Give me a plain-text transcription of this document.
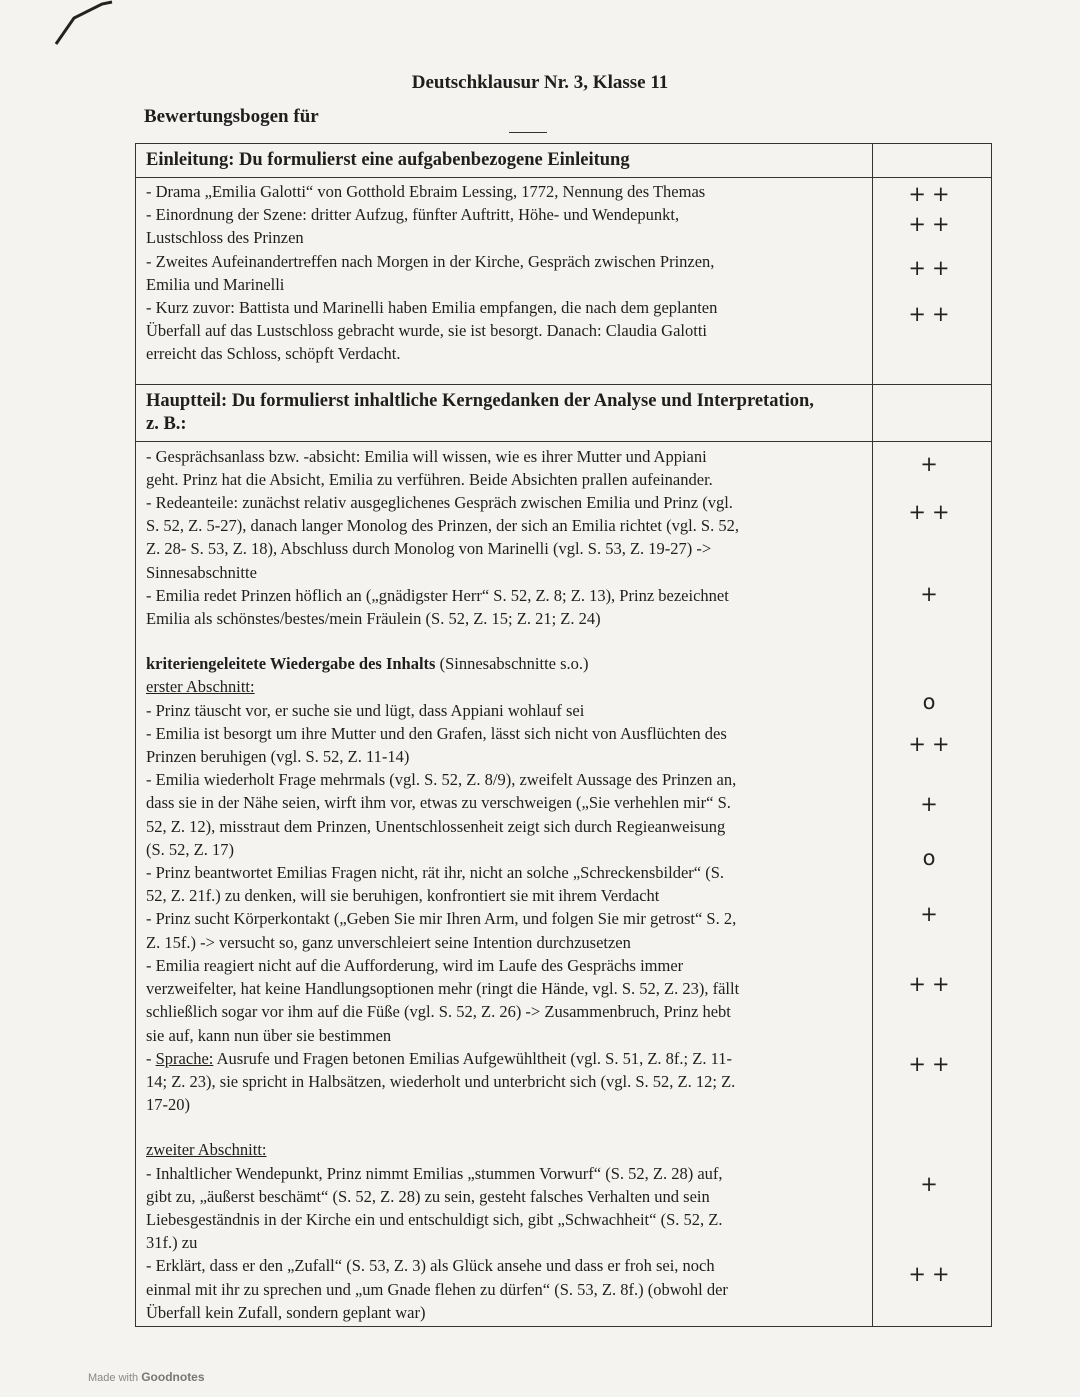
Deutschklausur Nr. 3, Klasse 11
Bewertungsbogen für
Einleitung: Du formulierst eine aufgabenbezogene Einleitung
- Drama „Emilia Galotti“ von Gotthold Ebraim Lessing, 1772, Nennung des Themas
- Einordnung der Szene: dritter Aufzug, fünfter Auftritt, Höhe- und Wendepunkt,
Lustschloss des Prinzen
- Zweites Aufeinandertreffen nach Morgen in der Kirche, Gespräch zwischen Prinzen,
Emilia und Marinelli
- Kurz zuvor: Battista und Marinelli haben Emilia empfangen, die nach dem geplanten
Überfall auf das Lustschloss gebracht wurde, sie ist besorgt. Danach: Claudia Galotti
erreicht das Schloss, schöpft Verdacht.
++
++
++
++
Hauptteil: Du formulierst inhaltliche Kerngedanken der Analyse und Interpretation,
z. B.:
- Gesprächsanlass bzw. -absicht: Emilia will wissen, wie es ihrer Mutter und Appiani
geht. Prinz hat die Absicht, Emilia zu verführen. Beide Absichten prallen aufeinander.
- Redeanteile: zunächst relativ ausgeglichenes Gespräch zwischen Emilia und Prinz (vgl.
S. 52, Z. 5-27), danach langer Monolog des Prinzen, der sich an Emilia richtet (vgl. S. 52,
Z. 28- S. 53, Z. 18), Abschluss durch Monolog von Marinelli (vgl. S. 53, Z. 19-27) ->
Sinnesabschnitte
- Emilia redet Prinzen höflich an („gnädigster Herr“ S. 52, Z. 8; Z. 13), Prinz bezeichnet
Emilia als schönstes/bestes/mein Fräulein (S. 52, Z. 15; Z. 21; Z. 24)
kriteriengeleitete Wiedergabe des Inhalts (Sinnesabschnitte s.o.)
erster Abschnitt:
- Prinz täuscht vor, er suche sie und lügt, dass Appiani wohlauf sei
- Emilia ist besorgt um ihre Mutter und den Grafen, lässt sich nicht von Ausflüchten des
Prinzen beruhigen (vgl. S. 52, Z. 11-14)
- Emilia wiederholt Frage mehrmals (vgl. S. 52, Z. 8/9), zweifelt Aussage des Prinzen an,
dass sie in der Nähe seien, wirft ihm vor, etwas zu verschweigen („Sie verhehlen mir“ S.
52, Z. 12), misstraut dem Prinzen, Unentschlossenheit zeigt sich durch Regieanweisung
(S. 52, Z. 17)
- Prinz beantwortet Emilias Fragen nicht, rät ihr, nicht an solche „Schreckensbilder“ (S.
52, Z. 21f.) zu denken, will sie beruhigen, konfrontiert sie mit ihrem Verdacht
- Prinz sucht Körperkontakt („Geben Sie mir Ihren Arm, und folgen Sie mir getrost“ S. 2,
Z. 15f.) -> versucht so, ganz unverschleiert seine Intention durchzusetzen
- Emilia reagiert nicht auf die Aufforderung, wird im Laufe des Gesprächs immer
verzweifelter, hat keine Handlungsoptionen mehr (ringt die Hände, vgl. S. 52, Z. 23), fällt
schließlich sogar vor ihm auf die Füße (vgl. S. 52, Z. 26) -> Zusammenbruch, Prinz hebt
sie auf, kann nun über sie bestimmen
- Sprache: Ausrufe und Fragen betonen Emilias Aufgewühltheit (vgl. S. 51, Z. 8f.; Z. 11-
14; Z. 23), sie spricht in Halbsätzen, wiederholt und unterbricht sich (vgl. S. 52, Z. 12; Z.
17-20)
zweiter Abschnitt:
- Inhaltlicher Wendepunkt, Prinz nimmt Emilias „stummen Vorwurf“ (S. 52, Z. 28) auf,
gibt zu, „äußerst beschämt“ (S. 52, Z. 28) zu sein, gesteht falsches Verhalten und sein
Liebesgeständnis in der Kirche ein und entschuldigt sich, gibt „Schwachheit“ (S. 52, Z.
31f.) zu
- Erklärt, dass er den „Zufall“ (S. 53, Z. 3) als Glück ansehe und dass er froh sei, noch
einmal mit ihr zu sprechen und „um Gnade flehen zu dürfen“ (S. 53, Z. 8f.) (obwohl der
Überfall kein Zufall, sondern geplant war)
+
++
+
o
++
+
o
+
++
++
+
++
Made with Goodnotes
